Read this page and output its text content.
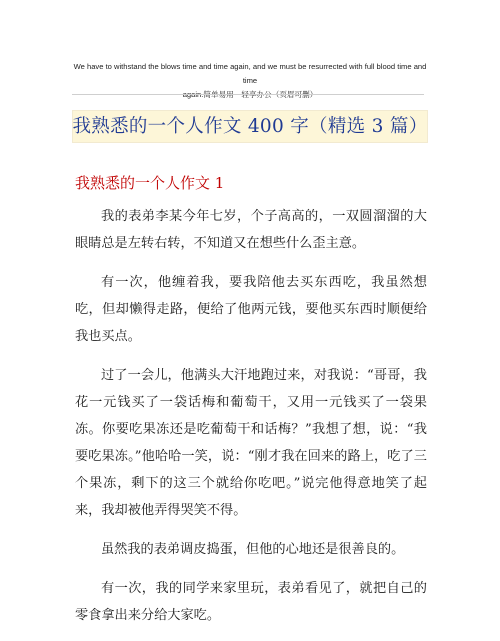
We have to withstand the blows time and time again, and we must be resurrected with full blood time and time
again.简单易用　轻享办公（页眉可删）
我熟悉的一个人作文 400 字（精选 3 篇）
我熟悉的一个人作文 1

我的表弟李某今年七岁，个子高高的，一双圆溜溜的大眼睛总是左转右转，不知道又在想些什么歪主意。

有一次，他缠着我，要我陪他去买东西吃，我虽然想吃，但却懒得走路，便给了他两元钱，要他买东西时顺便给我也买点。

过了一会儿，他满头大汗地跑过来，对我说：“哥哥，我花一元钱买了一袋话梅和葡萄干，又用一元钱买了一袋果冻。你要吃果冻还是吃葡萄干和话梅？”我想了想，说：“我要吃果冻。”他哈哈一笑，说：“刚才我在回来的路上，吃了三个果冻，剩下的这三个就给你吃吧。”说完他得意地笑了起来，我却被他弄得哭笑不得。

虽然我的表弟调皮捣蛋，但他的心地还是很善良的。

有一次，我的同学来家里玩，表弟看见了，就把自己的零食拿出来分给大家吃。
